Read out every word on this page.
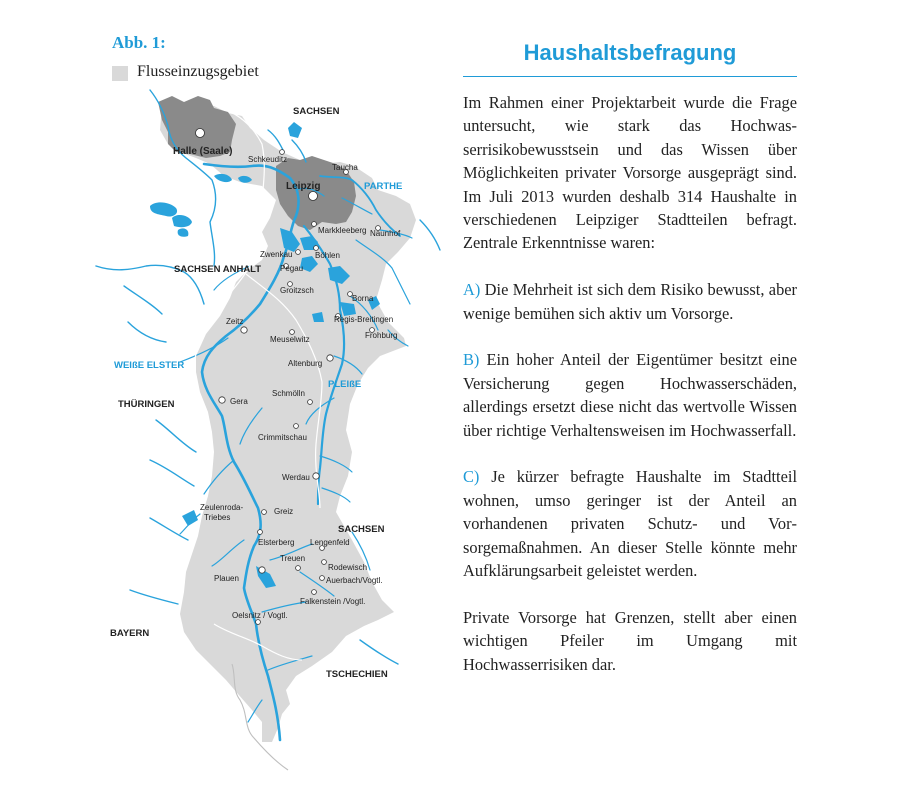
SACHSEN
SACHSEN ANHALT
THÜRINGEN
SACHSEN
BAYERN
TSCHECHIEN
PARTHE
WEIßE ELSTER
PLEIßE
Halle (Saale)
Leipzig
Schkeuditz
Taucha
Markkleeberg Naunhof
Zwenkau	Böhlen
Pegau
Groitzsch
Borna
Regis-Breitingen
Frohburg
Zeitz
Meuselwitz
Altenburg
Schmölln
Gera
Crimmitschau
Werdau
Zeulenroda-Triebes
Greiz
Elsterberg Lengenfeld
Treuen
Rodewisch
Auerbach/Vogtl.
Plauen
Falkenstein /Vogtl.
Oelsnitz / Vogtl.
Abb. 1:
Flusseinzugsgebiet
Haushaltsbefragung

Im Rahmen einer Projektarbeit wurde die Frage untersucht, wie stark das Hochwasserrisikobewusstsein und das Wissen über Möglichkeiten privater Vorsorge ausgeprägt sind. Im Juli 2013 wurden deshalb 314 Haushalte in verschiedenen Leipziger Stadtteilen befragt. Zentrale Erkenntnisse waren:

A) Die Mehrheit ist sich dem Risiko bewusst, aber wenige bemühen sich aktiv um Vorsorge.

B) Ein hoher Anteil der Eigentümer besitzt eine Versicherung gegen Hochwasserschäden, allerdings ersetzt diese nicht das wertvolle Wissen über richtige Verhaltensweisen im Hochwasserfall.

C) Je kürzer befragte Haushalte im Stadtteil wohnen, umso geringer ist der Anteil an vorhandenen privaten Schutz- und Vorsorgemaßnahmen. An dieser Stelle könnte mehr Aufklärungsarbeit geleistet werden.

Private Vorsorge hat Grenzen, stellt aber einen wichtigen Pfeiler im Umgang mit Hochwasserrisiken dar.
